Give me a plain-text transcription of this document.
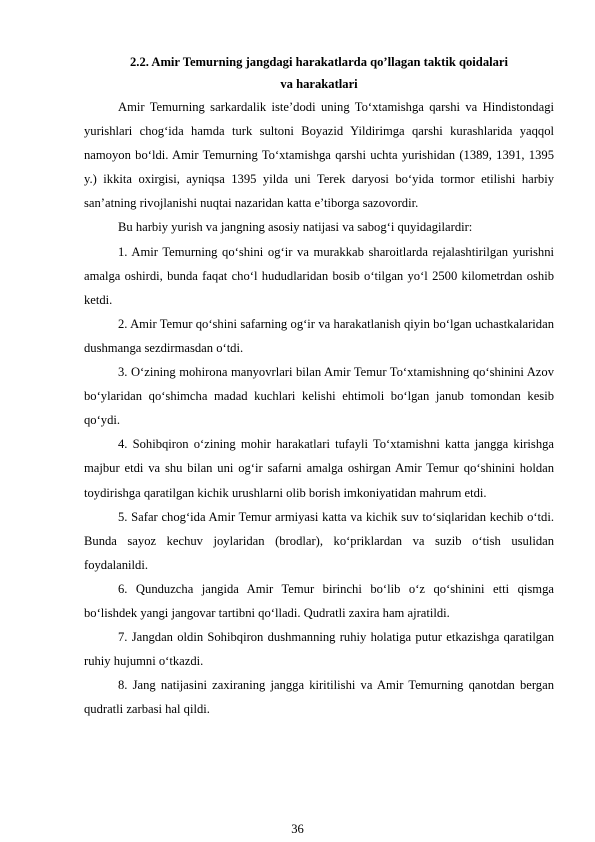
2.2. Amir Temurning jangdagi harakatlarda qo’llagan taktik qoidalari
va harakatlari

Amir Temurning sarkardalik iste’dodi uning To‘xtamishga qarshi va Hindistondagi yurishlari chog‘ida hamda turk sultoni Boyazid Yildirimga qarshi kurashlarida yaqqol namoyon bo‘ldi. Amir Temurning To‘xtamishga qarshi uchta yurishidan (1389, 1391, 1395 y.) ikkita oxirgisi, ayniqsa 1395 yilda uni Terek daryosi bo‘yida tormor etilishi harbiy san’atning rivojlanishi nuqtai nazaridan katta e’tiborga sazovordir.

Bu harbiy yurish va jangning asosiy natijasi va sabog‘i quyidagilardir:

1. Amir Temurning qo‘shini og‘ir va murakkab sharoitlarda rejalashtirilgan yurishni amalga oshirdi, bunda faqat cho‘l hududlaridan bosib o‘tilgan yo‘l 2500 kilometrdan oshib ketdi.

2. Amir Temur qo‘shini safarning og‘ir va harakatlanish qiyin bo‘lgan uchastkalaridan dushmanga sezdirmasdan o‘tdi.

3. O‘zining mohirona manyovrlari bilan Amir Temur To‘xtamishning qo‘shinini Azov bo‘ylaridan qo‘shimcha madad kuchlari kelishi ehtimoli bo‘lgan janub tomondan kesib qo‘ydi.

4. Sohibqiron o‘zining mohir harakatlari tufayli To‘xtamishni katta jangga kirishga majbur etdi va shu bilan uni og‘ir safarni amalga oshirgan Amir Temur qo‘shinini holdan toydirishga qaratilgan kichik urushlarni olib borish imkoniyatidan mahrum etdi.

5. Safar chog‘ida Amir Temur armiyasi katta va kichik suv to‘siqlaridan kechib o‘tdi. Bunda sayoz kechuv joylaridan (brodlar), ko‘priklardan va suzib o‘tish usulidan foydalanildi.

6. Qunduzcha jangida Amir Temur birinchi bo‘lib o‘z qo‘shinini etti qismga bo‘lishdek yangi jangovar tartibni qo‘lladi. Qudratli zaxira ham ajratildi.

7. Jangdan oldin Sohibqiron dushmanning ruhiy holatiga putur etkazishga qaratilgan ruhiy hujumni o‘tkazdi.

8. Jang natijasini zaxiraning jangga kiritilishi va Amir Temurning qanotdan bergan qudratli zarbasi hal qildi.

36
